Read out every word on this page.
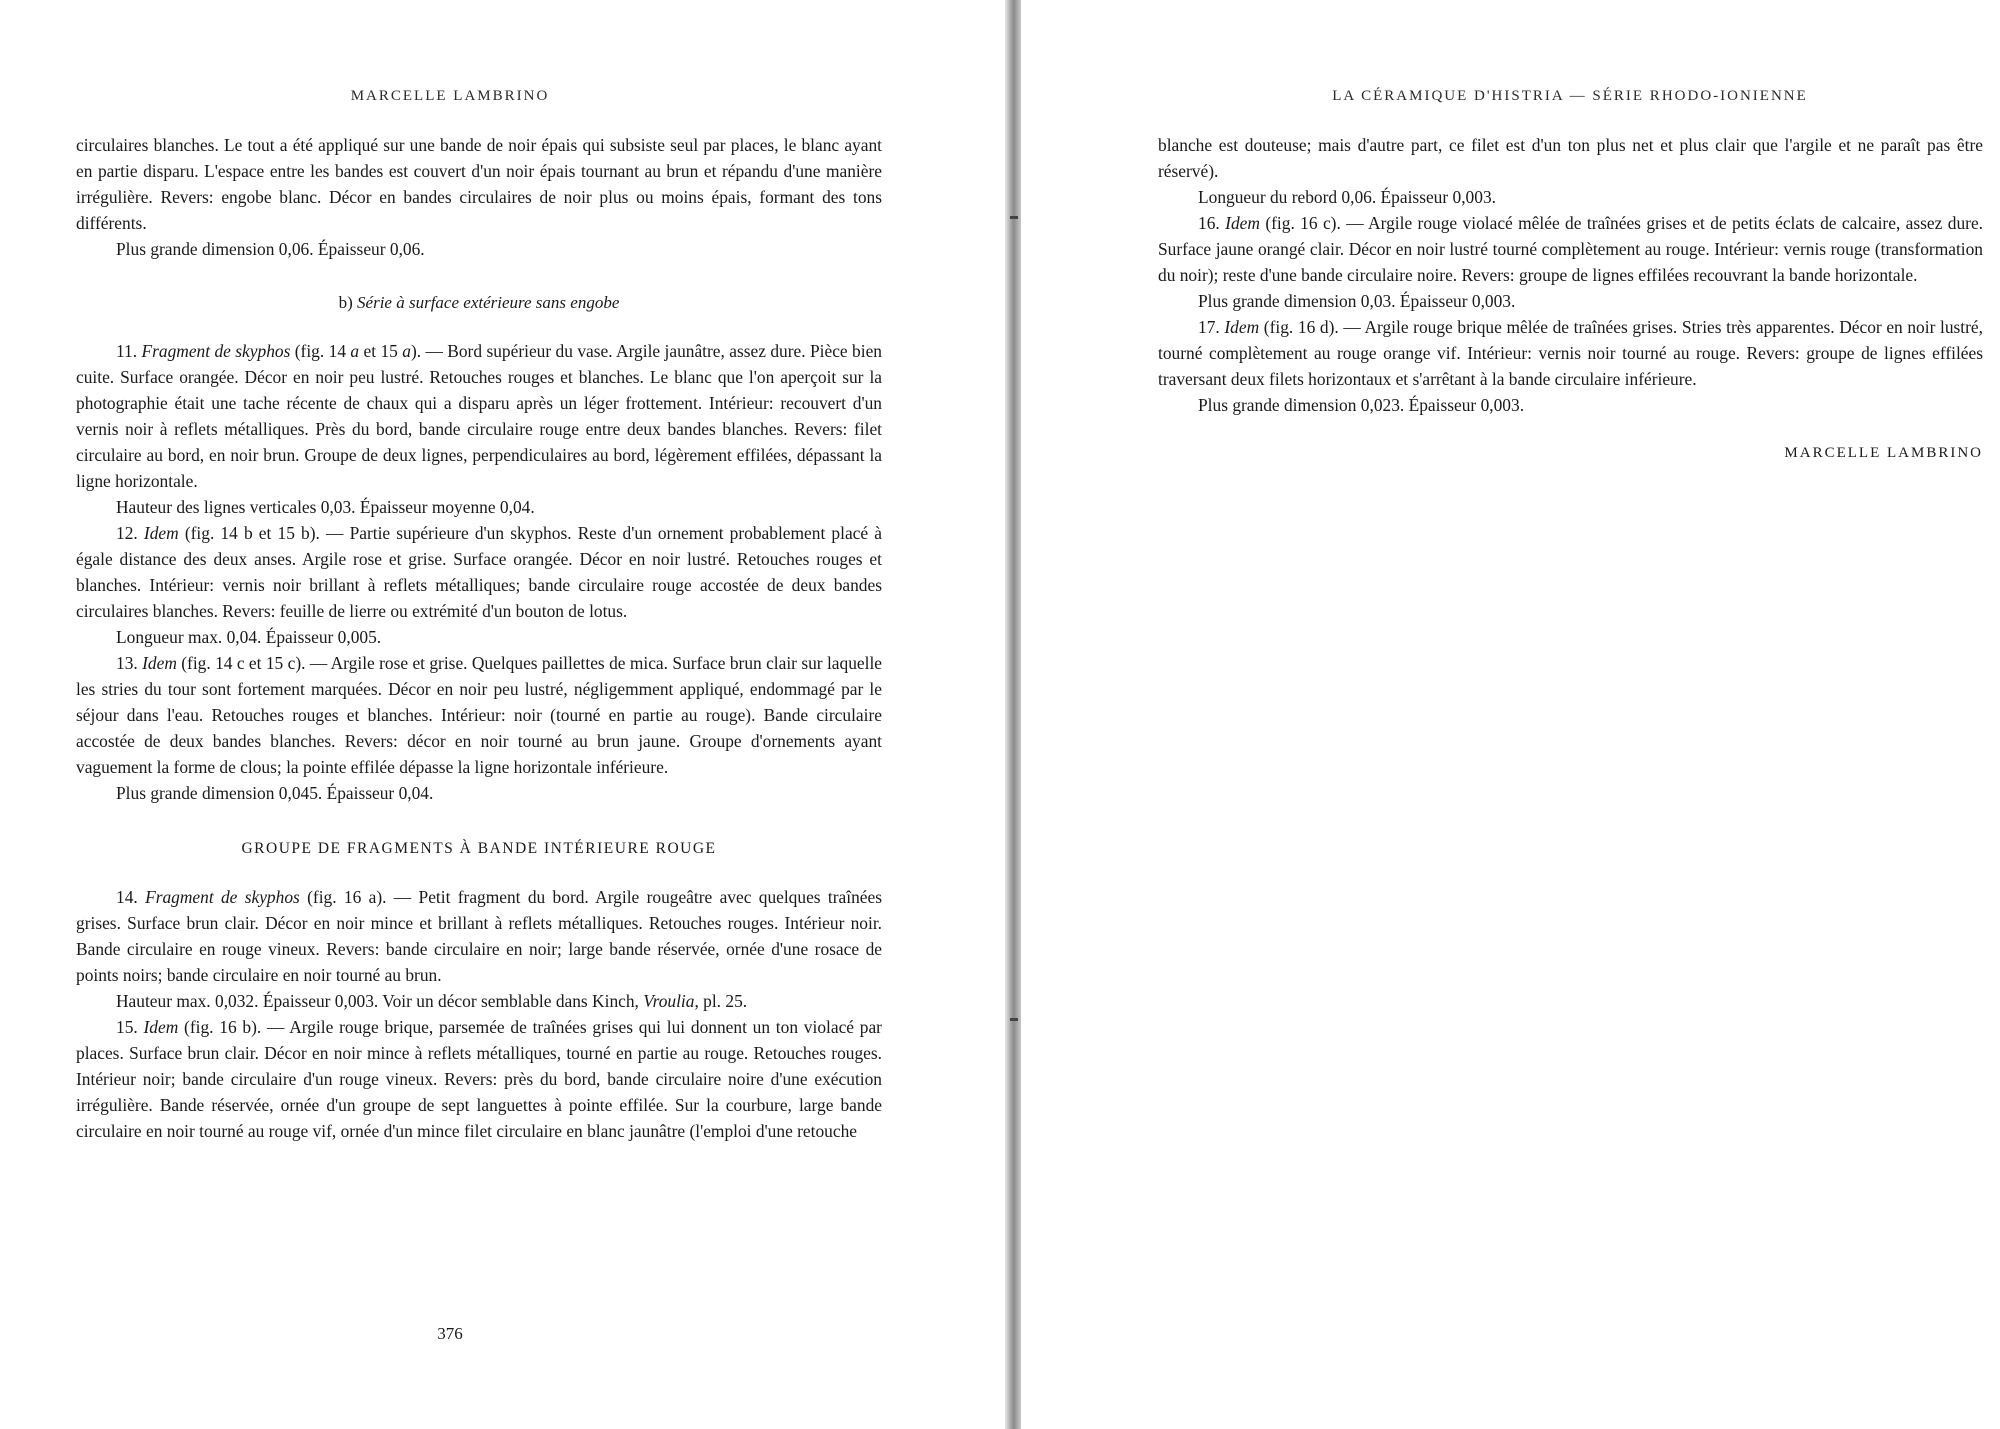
MARCELLE LAMBRINO

circulaires blanches. Le tout a été appliqué sur une bande de noir épais qui subsiste seul par places, le blanc ayant en partie disparu. L'espace entre les bandes est couvert d'un noir épais tournant au brun et répandu d'une manière irrégulière. Revers: engobe blanc. Décor en bandes circulaires de noir plus ou moins épais, formant des tons différents.

Plus grande dimension 0,06. Épaisseur 0,06.

b) Série à surface extérieure sans engobe

11. Fragment de skyphos (fig. 14 a et 15 a). — Bord supérieur du vase. Argile jaunâtre, assez dure. Pièce bien cuite. Surface orangée. Décor en noir peu lustré. Retouches rouges et blanches. Le blanc que l'on aperçoit sur la photographie était une tache récente de chaux qui a disparu après un léger frottement. Intérieur: recouvert d'un vernis noir à reflets métalliques. Près du bord, bande circulaire rouge entre deux bandes blanches. Revers: filet circulaire au bord, en noir brun. Groupe de deux lignes, perpendiculaires au bord, légèrement effilées, dépassant la ligne horizontale.

Hauteur des lignes verticales 0,03. Épaisseur moyenne 0,04.

12. Idem (fig. 14 b et 15 b). — Partie supérieure d'un skyphos. Reste d'un ornement probablement placé à égale distance des deux anses. Argile rose et grise. Surface orangée. Décor en noir lustré. Retouches rouges et blanches. Intérieur: vernis noir brillant à reflets métalliques; bande circulaire rouge accostée de deux bandes circulaires blanches. Revers: feuille de lierre ou extrémité d'un bouton de lotus.

Longueur max. 0,04. Épaisseur 0,005.

13. Idem (fig. 14 c et 15 c). — Argile rose et grise. Quelques paillettes de mica. Surface brun clair sur laquelle les stries du tour sont fortement marquées. Décor en noir peu lustré, négligemment appliqué, endommagé par le séjour dans l'eau. Retouches rouges et blanches. Intérieur: noir (tourné en partie au rouge). Bande circulaire accostée de deux bandes blanches. Revers: décor en noir tourné au brun jaune. Groupe d'ornements ayant vaguement la forme de clous; la pointe effilée dépasse la ligne horizontale inférieure.

Plus grande dimension 0,045. Épaisseur 0,04.

GROUPE DE FRAGMENTS À BANDE INTÉRIEURE ROUGE

14. Fragment de skyphos (fig. 16 a). — Petit fragment du bord. Argile rougeâtre avec quelques traînées grises. Surface brun clair. Décor en noir mince et brillant à reflets métalliques. Retouches rouges. Intérieur noir. Bande circulaire en rouge vineux. Revers: bande circulaire en noir; large bande réservée, ornée d'une rosace de points noirs; bande circulaire en noir tourné au brun.

Hauteur max. 0,032. Épaisseur 0,003. Voir un décor semblable dans Kinch, Vroulia, pl. 25.

15. Idem (fig. 16 b). — Argile rouge brique, parsemée de traînées grises qui lui donnent un ton violacé par places. Surface brun clair. Décor en noir mince à reflets métalliques, tourné en partie au rouge. Retouches rouges. Intérieur noir; bande circulaire d'un rouge vineux. Revers: près du bord, bande circulaire noire d'une exécution irrégulière. Bande réservée, ornée d'un groupe de sept languettes à pointe effilée. Sur la courbure, large bande circulaire en noir tourné au rouge vif, ornée d'un mince filet circulaire en blanc jaunâtre (l'emploi d'une retouche

376
LA CÉRAMIQUE D'HISTRIA — SÉRIE RHODO-IONIENNE

blanche est douteuse; mais d'autre part, ce filet est d'un ton plus net et plus clair que l'argile et ne paraît pas être réservé).

Longueur du rebord 0,06. Épaisseur 0,003.

16. Idem (fig. 16 c). — Argile rouge violacé mêlée de traînées grises et de petits éclats de calcaire, assez dure. Surface jaune orangé clair. Décor en noir lustré tourné complètement au rouge. Intérieur: vernis rouge (transformation du noir); reste d'une bande circulaire noire. Revers: groupe de lignes effilées recouvrant la bande horizontale.

Plus grande dimension 0,03. Épaisseur 0,003.

17. Idem (fig. 16 d). — Argile rouge brique mêlée de traînées grises. Stries très apparentes. Décor en noir lustré, tourné complètement au rouge orange vif. Intérieur: vernis noir tourné au rouge. Revers: groupe de lignes effilées traversant deux filets horizontaux et s'arrêtant à la bande circulaire inférieure.

Plus grande dimension 0,023. Épaisseur 0,003.

MARCELLE LAMBRINO
